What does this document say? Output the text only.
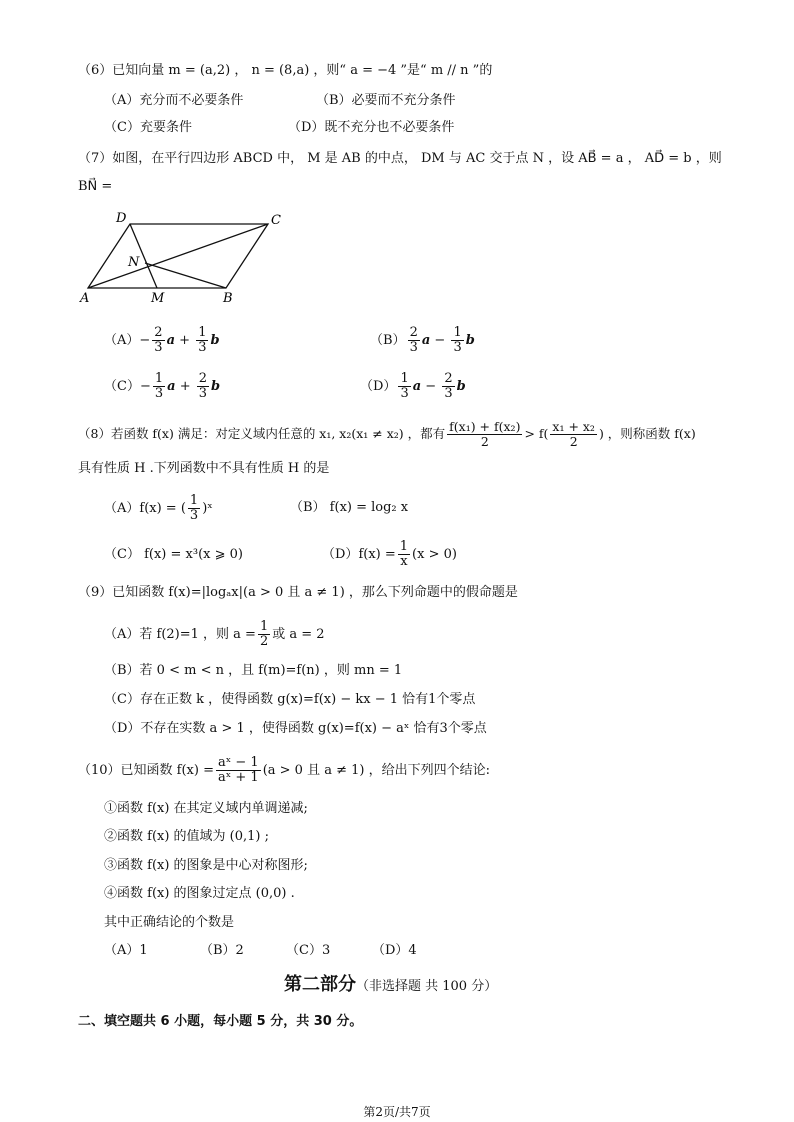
（6）已知向量 m = (a,2) ， n = (8,a) ，则“ a = −4 ”是“ m // n ”的
（A）充分而不必要条件	（B）必要而不充分条件
（C）充要条件	（D）既不充分也不必要条件
（7）如图，在平行四边形 ABCD 中， M 是 AB 的中点， DM 与 AC 交于点 N ，设 AB⃗ = a ， AD⃗ = b ，则
BN⃗ =
D	C
A	M	B
N
$(A)- \frac{2}{3}$ $a + \frac{1}{3}$ b	$(B) \frac{2}{3}$ $a - \frac{1}{3}$ b
$(C)- \frac{1}{3}$ $a + \frac{2}{3}$ b	$(D) \frac{1}{3}$ $a - \frac{2}{3}$ b
（8）若函数 f(x) 满足：对定义域内任意的 x₁, x₂(x₁ ≠ x₂) ，都有 $\frac{\text{f(x₁) + f(x₂)}}{2} > f( \frac{\text{x₁ + x₂}}{2}$ ) ，则称函数 f(x)
具有性质 H .下列函数中不具有性质 H 的是
（A）f(x) = ( $\frac{1}{3}$ )ˣ	（B） f(x) = log₂ x
（C） f(x) = x³(x ⩾ 0)	$(D)f(x) = \frac{1}{x} (x > 0)$
（9）已知函数 f(x)=|logₐx|(a > 0 且 a ≠ 1) ，那么下列命题中的假命题是
（A）若 f(2)=1 ，则 $a = \frac{1}{2}$ 或 a = 2
（B）若 0 < m < n ，且 f(m)=f(n) ，则 mn = 1
（C）存在正数 k ，使得函数 g(x)=f(x) − kx − 1 恰有1个零点
（D）不存在实数 a > 1 ，使得函数 g(x)=f(x) − aˣ 恰有3个零点
（10）已知函数 $f(x) = \frac{\text{aˣ − 1}}{\text{aˣ + 1}} (a > 0$ 且 a ≠ 1) ，给出下列四个结论:
①函数 f(x) 在其定义域内单调递减;
②函数 f(x) 的值域为 (0,1) ;
③函数 f(x) 的图象是中心对称图形;
④函数 f(x) 的图象过定点 (0,0) .
其中正确结论的个数是
（A）1	（B）2	（C）3	（D）4
第二部分（非选择题 共 100 分）
二、填空题共 6 小题，每小题 5 分，共 30 分。
第2页/共7页
